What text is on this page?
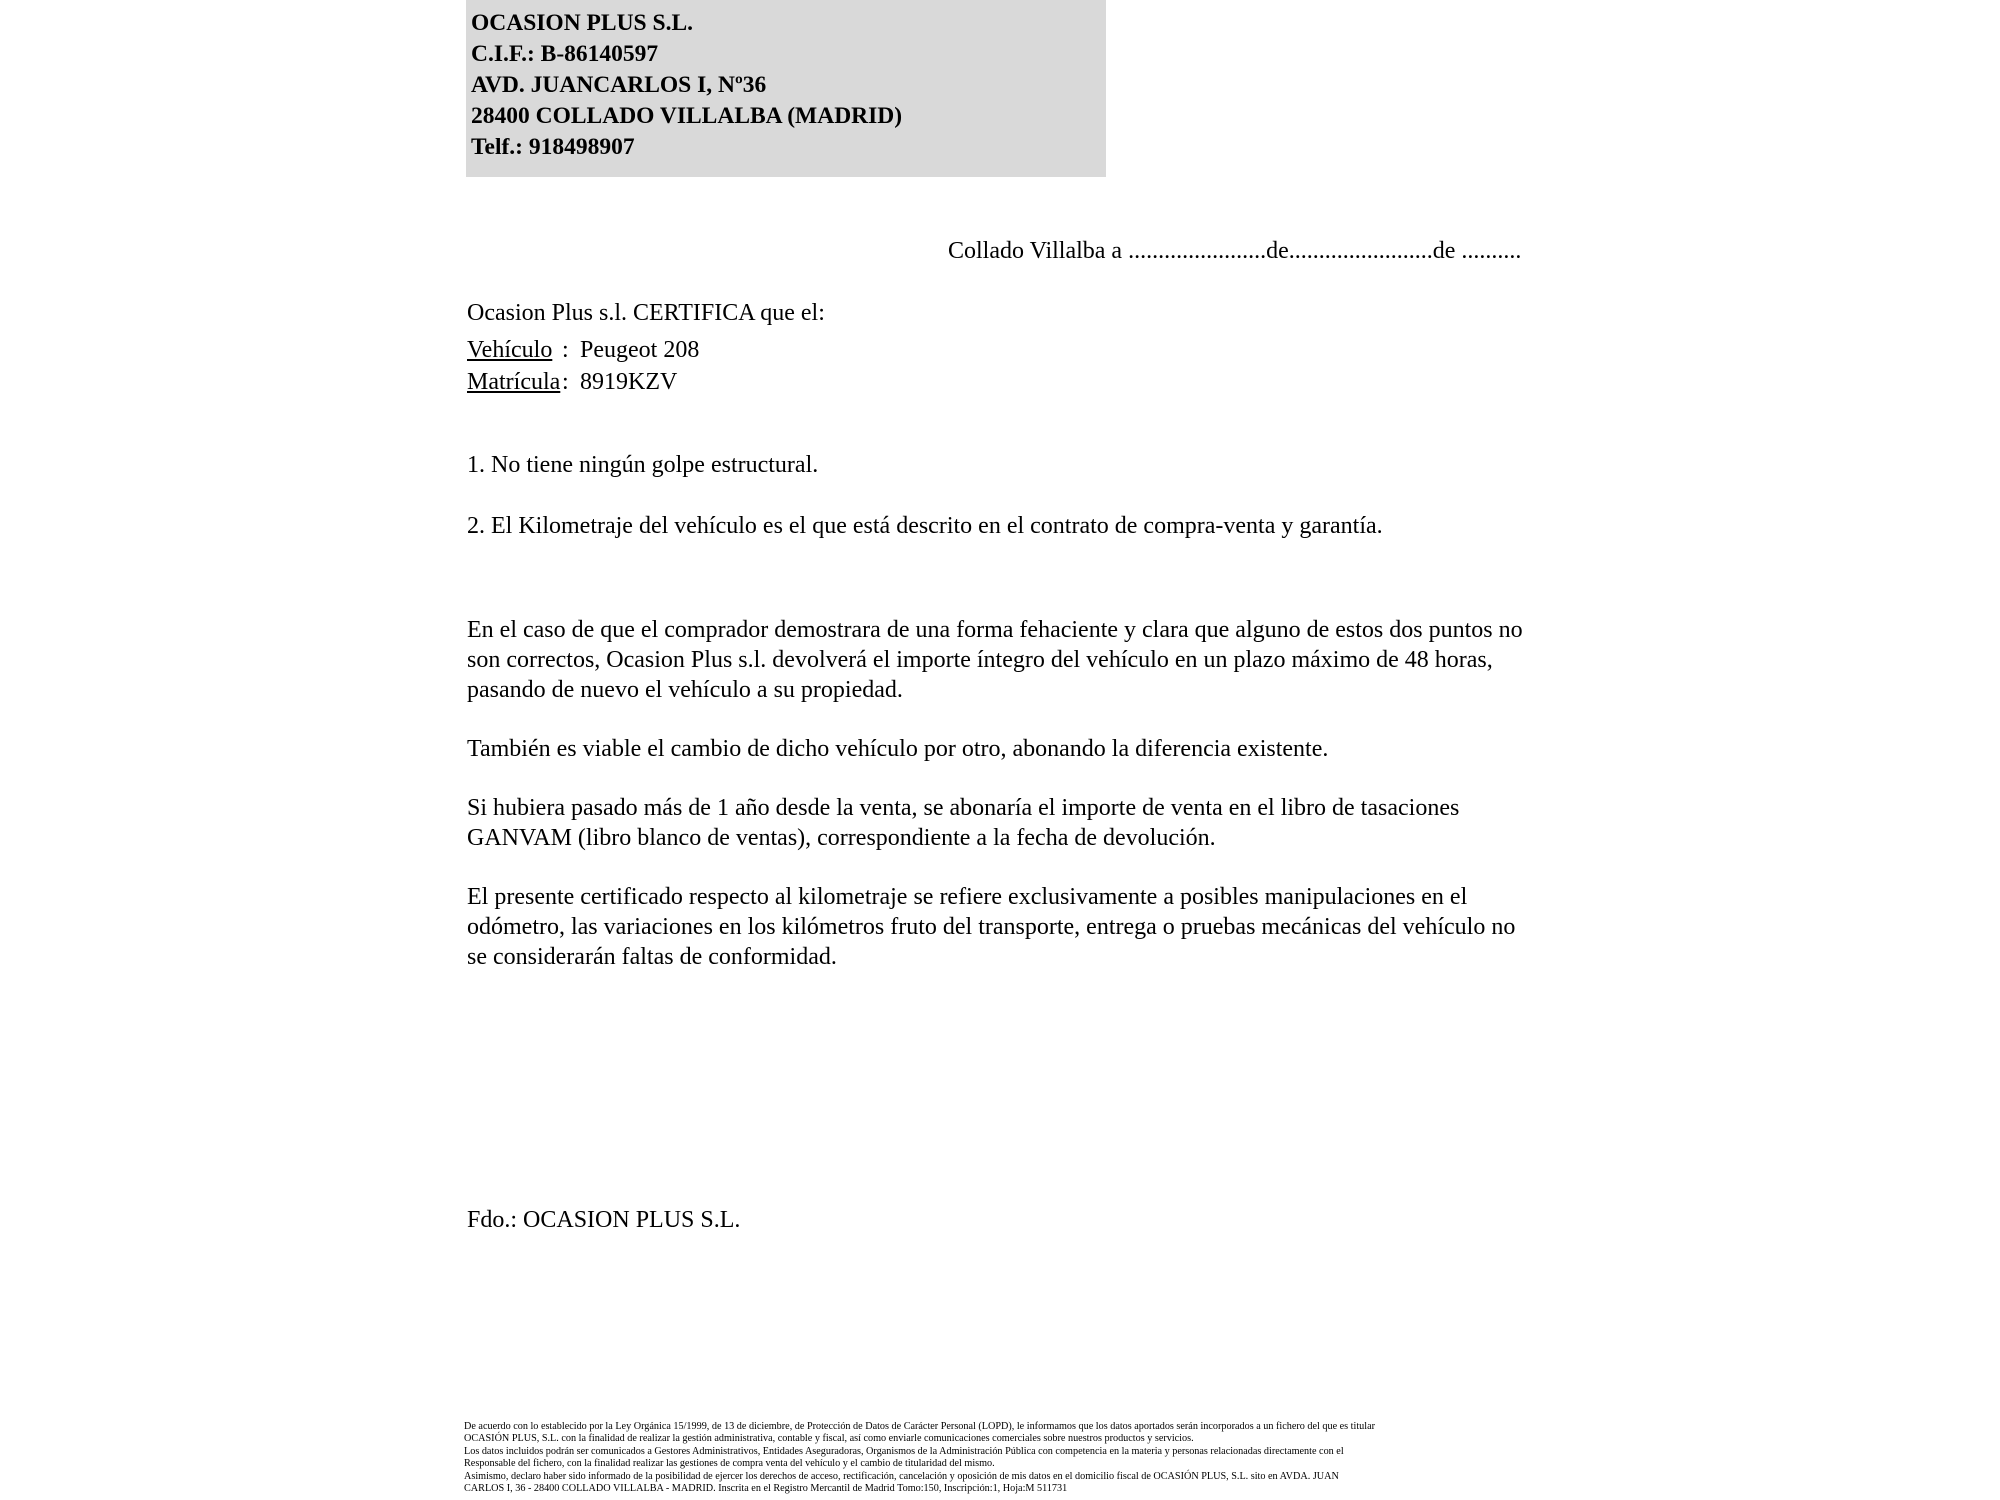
OCASION PLUS S.L.
C.I.F.: B-86140597
AVD. JUANCARLOS I, Nº36
28400 COLLADO VILLALBA (MADRID)
Telf.: 918498907
Collado Villalba a .......................de........................de ..........
Ocasion Plus s.l. CERTIFICA que el:
Vehículo : Peugeot 208
Matrícula : 8919KZV
1. No tiene ningún golpe estructural.
2. El Kilometraje del vehículo es el que está descrito en el contrato de compra-venta y garantía.

En el caso de que el comprador demostrara de una forma fehaciente y clara que alguno de estos dos puntos no son correctos, Ocasion Plus s.l. devolverá el importe íntegro del vehículo en un plazo máximo de 48 horas, pasando de nuevo el vehículo a su propiedad.

También es viable el cambio de dicho vehículo por otro, abonando la diferencia existente.

Si hubiera pasado más de 1 año desde la venta, se abonaría el importe de venta en el libro de tasaciones GANVAM (libro blanco de ventas), correspondiente a la fecha de devolución.

El presente certificado respecto al kilometraje se refiere exclusivamente a posibles manipulaciones en el odómetro, las variaciones en los kilómetros fruto del transporte, entrega o pruebas mecánicas del vehículo no se considerarán faltas de conformidad.

Fdo.: OCASION PLUS S.L.

De acuerdo con lo establecido por la Ley Orgánica 15/1999, de 13 de diciembre, de Protección de Datos de Carácter Personal (LOPD), le informamos que los datos aportados serán incorporados a un fichero del que es titular

OCASIÓN PLUS, S.L. con la finalidad de realizar la gestión administrativa, contable y fiscal, así como enviarle comunicaciones comerciales sobre nuestros productos y servicios.

Los datos incluidos podrán ser comunicados a Gestores Administrativos, Entidades Aseguradoras, Organismos de la Administración Pública con competencia en la materia y personas relacionadas directamente con el

Responsable del fichero, con la finalidad realizar las gestiones de compra venta del vehículo y el cambio de titularidad del mismo.

Asimismo, declaro haber sido informado de la posibilidad de ejercer los derechos de acceso, rectificación, cancelación y oposición de mis datos en el domicilio fiscal de OCASIÓN PLUS, S.L. sito en AVDA. JUAN

CARLOS I, 36 - 28400 COLLADO VILLALBA - MADRID. Inscrita en el Registro Mercantil de Madrid Tomo:150, Inscripción:1, Hoja:M 511731
